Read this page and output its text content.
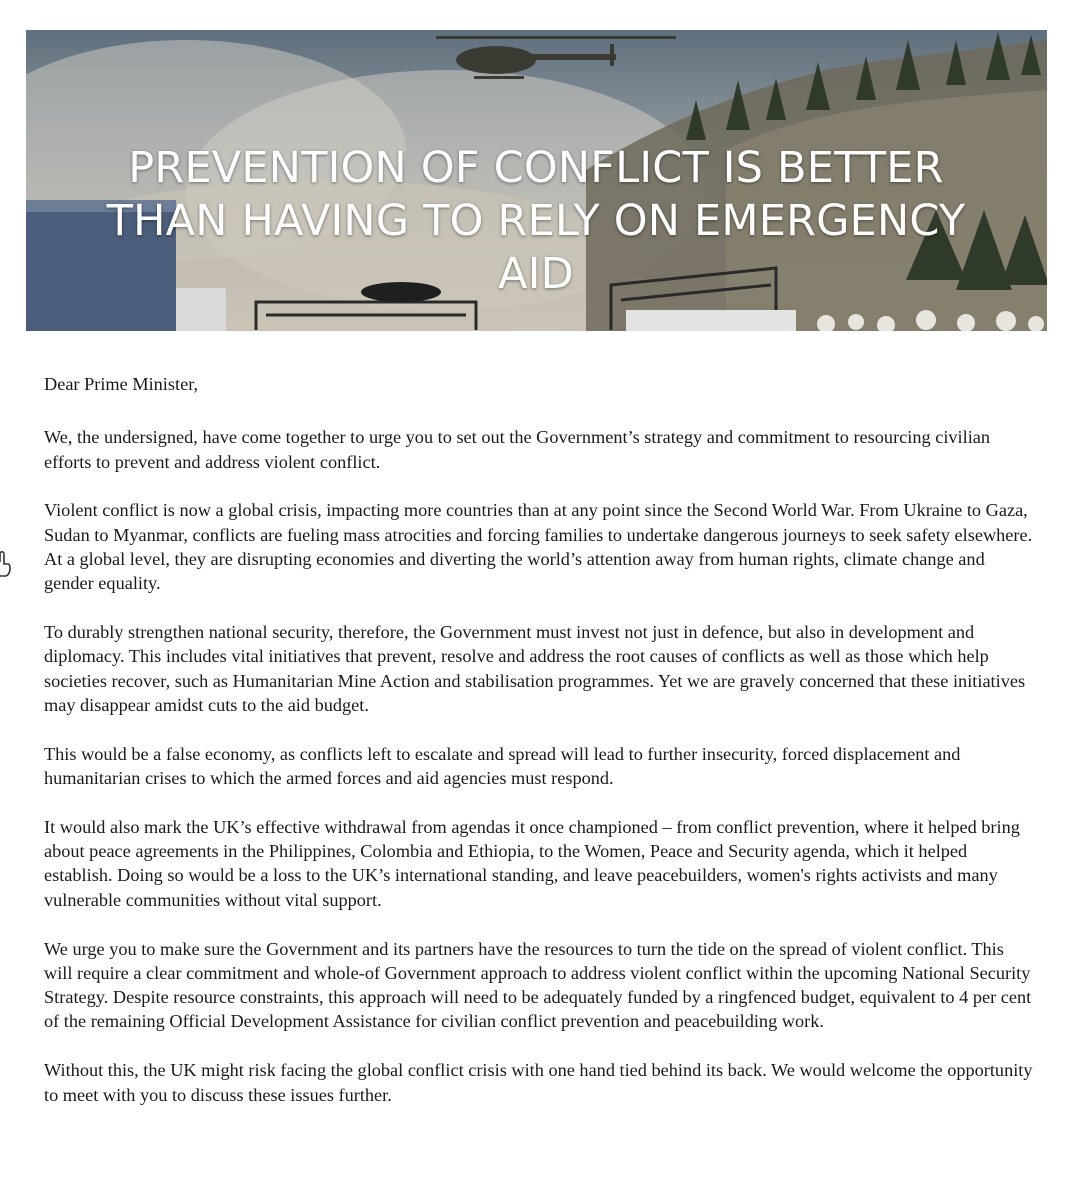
PREVENTION OF CONFLICT IS BETTER
THAN HAVING TO RELY ON EMERGENCY
AID

Dear Prime Minister,

We, the undersigned, have come together to urge you to set out the Government’s strategy and commitment to resourcing civilian efforts to prevent and address violent conflict.

Violent conflict is now a global crisis, impacting more countries than at any point since the Second World War. From Ukraine to Gaza, Sudan to Myanmar, conflicts are fueling mass atrocities and forcing families to undertake dangerous journeys to seek safety elsewhere. At a global level, they are disrupting economies and diverting the world’s attention away from human rights, climate change and gender equality.

To durably strengthen national security, therefore, the Government must invest not just in defence, but also in development and diplomacy. This includes vital initiatives that prevent, resolve and address the root causes of conflicts as well as those which help societies recover, such as Humanitarian Mine Action and stabilisation programmes. Yet we are gravely concerned that these initiatives may disappear amidst cuts to the aid budget.

This would be a false economy, as conflicts left to escalate and spread will lead to further insecurity, forced displacement and humanitarian crises to which the armed forces and aid agencies must respond.

It would also mark the UK’s effective withdrawal from agendas it once championed – from conflict prevention, where it helped bring about peace agreements in the Philippines, Colombia and Ethiopia, to the Women, Peace and Security agenda, which it helped establish. Doing so would be a loss to the UK’s international standing, and leave peacebuilders, women's rights activists and many vulnerable communities without vital support.

We urge you to make sure the Government and its partners have the resources to turn the tide on the spread of violent conflict. This will require a clear commitment and whole-of Government approach to address violent conflict within the upcoming National Security Strategy. Despite resource constraints, this approach will need to be adequately funded by a ringfenced budget, equivalent to 4 per cent of the remaining Official Development Assistance for civilian conflict prevention and peacebuilding work.

Without this, the UK might risk facing the global conflict crisis with one hand tied behind its back. We would welcome the opportunity to meet with you to discuss these issues further.
